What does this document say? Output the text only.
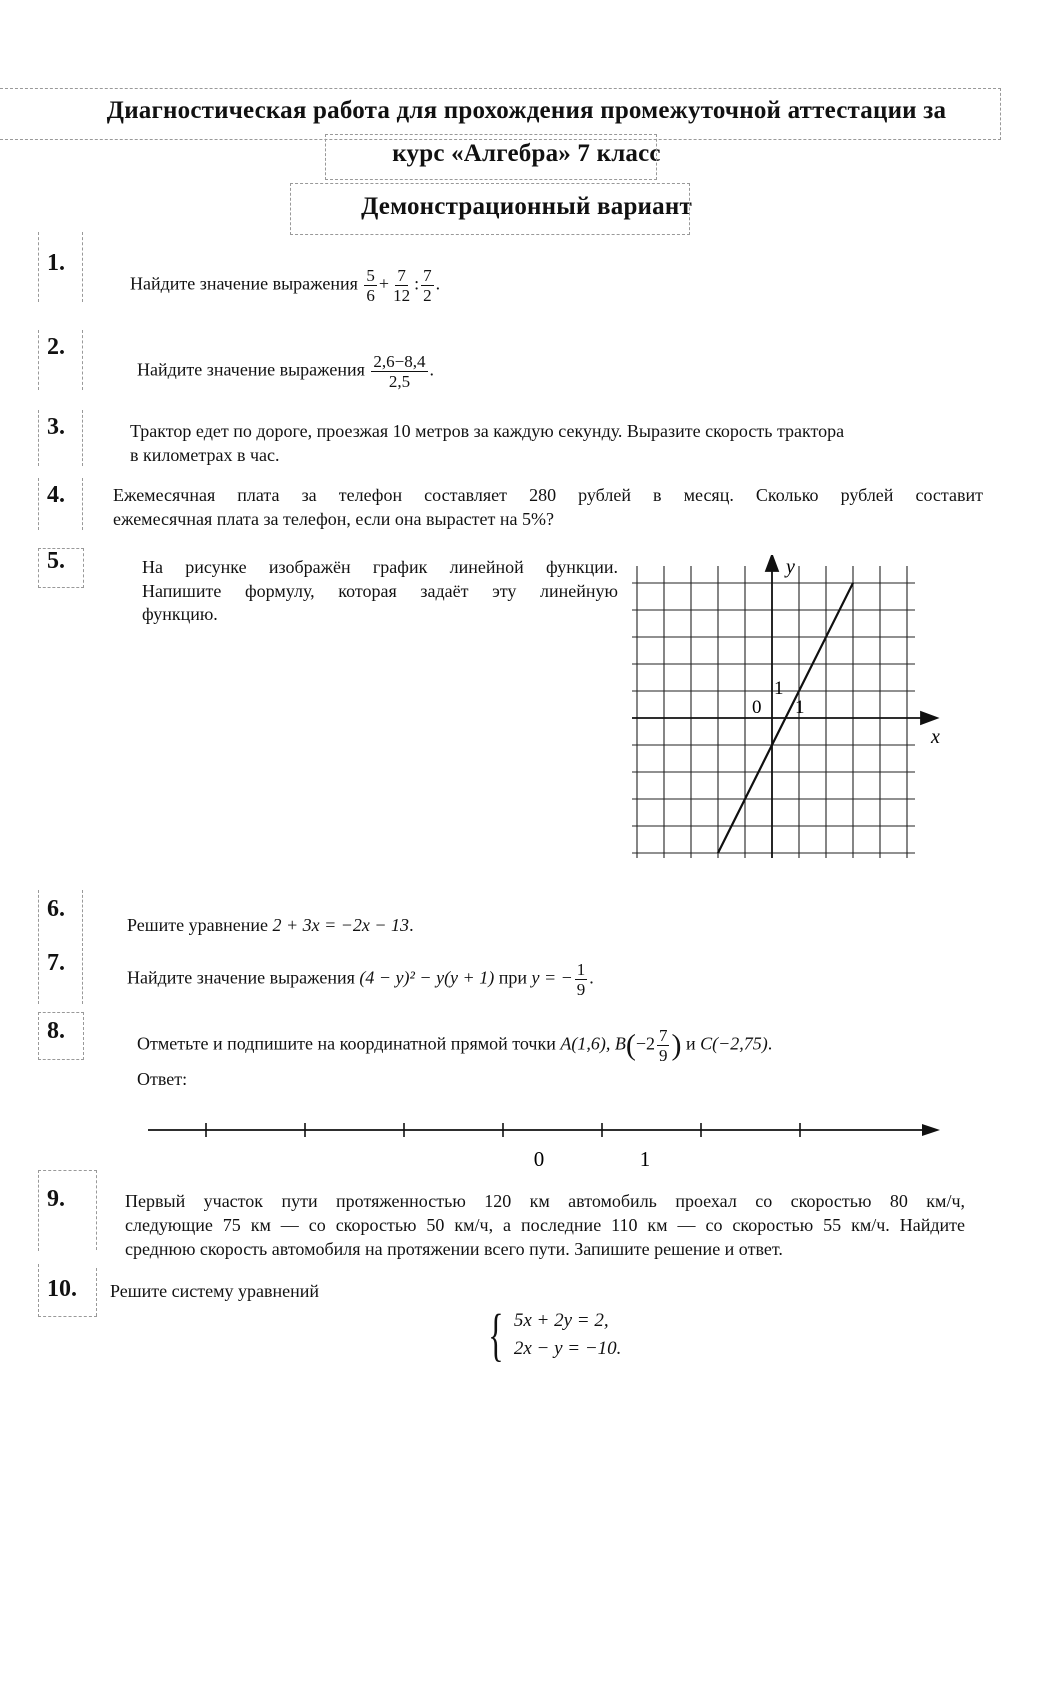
Диагностическая работа для прохождения промежуточной аттестации за
курс «Алгебра» 7 класс
Демонстрационный вариант
1.
Найдите значение выражения $\frac{5}{6} + \frac{7}{12}$ : $\frac{7}{2}$ .
2.
Найдите значение выражения $\frac{2,6-8,4}{2,5}$ .
3.	Трактор едет по дороге, проезжая 10 метров за каждую секунду. Выразите скорость трактора
в километрах в час.
4.	Ежемесячная плата за телефон составляет 280 рублей в месяц. Сколько рублей составит
ежемесячная плата за телефон, если она вырастет на 5%?
5.	На рисунке изображён график линейной функции.
Напишите формулу, которая задаёт эту линейную
функцию.
y
x
0 1
1
6.
Решите уравнение 2 + 3x = −2x − 13.
7.
Найдите значение выражения (4 − y)² − y(y + 1) при y = − $\frac{1}{9}$ .
8.	Отметьте и подпишите на координатной прямой точки A(1,6), $B(-2 \frac{7}{9}$ ) и C(−2,75).
Ответ:
0	1
9.	Первый участок пути протяженностью 120 км автомобиль проехал со скоростью 80 км/ч,
следующие 75 км — со скоростью 50 км/ч, а последние 110 км — со скоростью 55 км/ч. Найдите
среднюю скорость автомобиля на протяжении всего пути. Запишите решение и ответ.
10. Решите систему уравнений
{ 5x + 2y = 2,
2x − y = −10.
